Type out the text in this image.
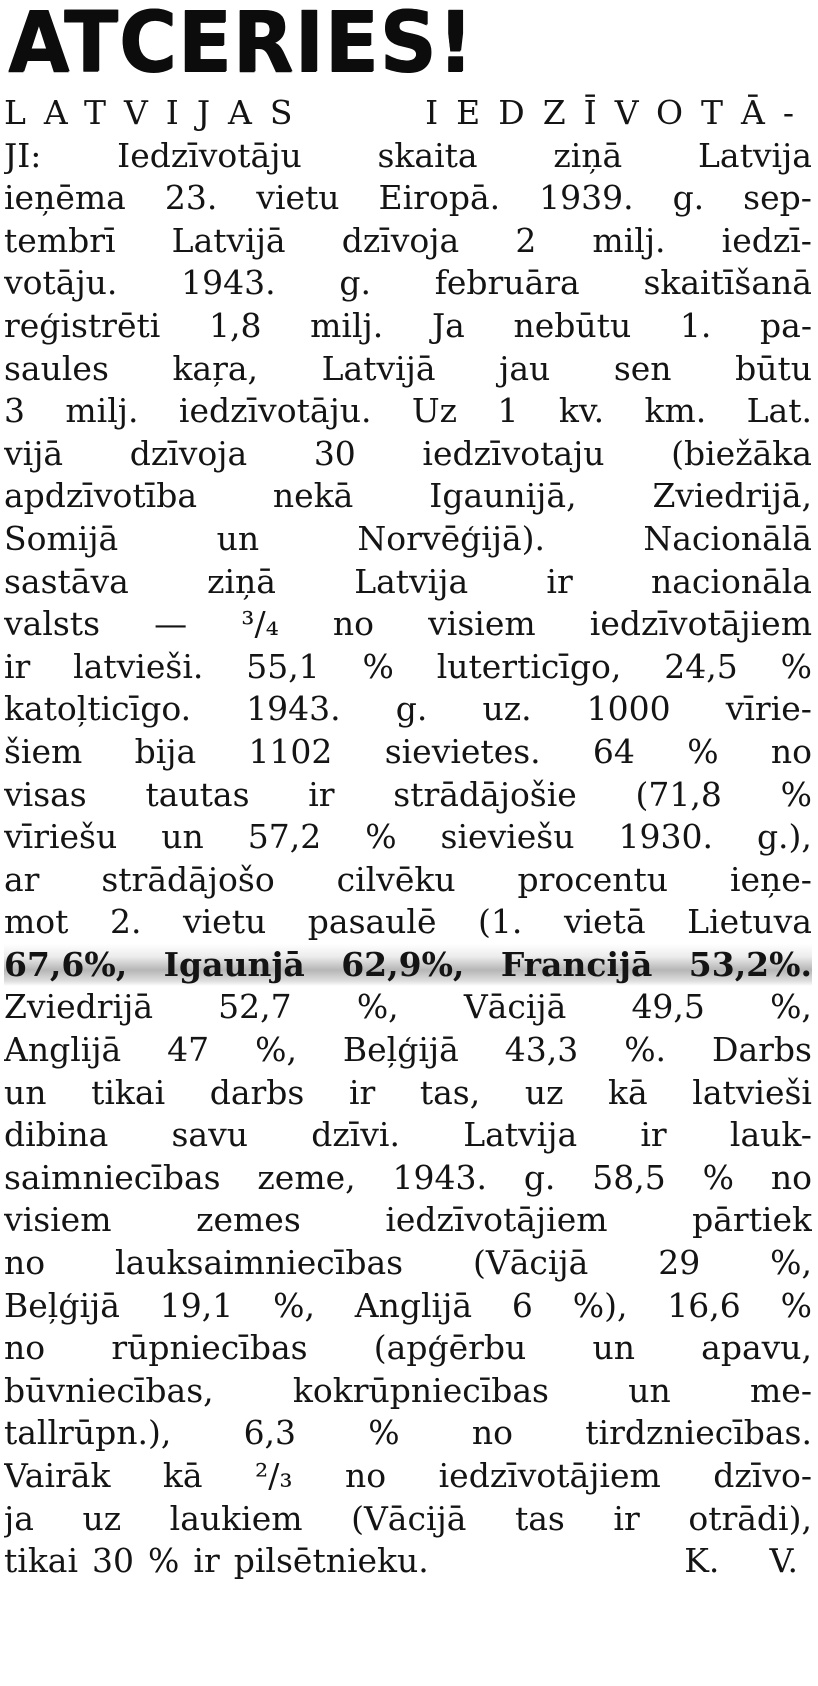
ATCERIES!
LATVIJAS	IEDZĪVOTĀ-
JI: Iedzīvotāju skaita ziņā Latvija
ieņēma 23. vietu Eiropā. 1939. g. sep-
tembrī Latvijā dzīvoja 2 milj. iedzī-
votāju. 1943. g. februāra skaitīšanā
reģistrēti 1,8 milj. Ja nebūtu 1. pa-
saules kaŗa, Latvijā jau sen būtu
3 milj. iedzīvotāju. Uz 1 kv. km. Lat.
vijā dzīvoja 30 iedzīvotaju (biežāka
apdzīvotība nekā Igaunijā, Zviedrijā,
Somijā	un	Norvēģijā).	Nacionālā
sastāva ziņā Latvija ir nacionāla
valsts — ³/₄ no visiem iedzīvotājiem
ir latvieši. 55,1 % luterticīgo, 24,5 %
katoļticīgo. 1943. g. uz. 1000 vīrie-
šiem bija 1102 sievietes. 64 % no
visas tautas ir strādājošie (71,8 %
vīriešu un 57,2 % sieviešu 1930. g.),
ar strādājošo cilvēku procentu ieņe-
mot 2. vietu pasaulē (1. vietā Lietuva
67,6%, Igaunjā 62,9%, Francijā 53,2%.
Zviedrijā 52,7 %, Vācijā 49,5 %,
Anglijā 47 %, Beļģijā 43,3 %. Darbs
un tikai darbs ir tas, uz kā latvieši
dibina savu dzīvi. Latvija ir lauk-
saimniecības zeme, 1943. g. 58,5 % no
visiem	zemes	iedzīvotājiem	pārtiek
no lauksaimniecības (Vācijā 29 %,
Beļģijā 19,1 %, Anglijā 6 %), 16,6 %
no rūpniecības (apģērbu un apavu,
būvniecības, kokrūpniecības un me-
tallrūpn.), 6,3 % no tirdzniecības.
Vairāk kā ²/₃ no iedzīvotājiem dzīvo-
ja uz laukiem (Vācijā tas ir otrādi),
tikai 30 % ir pilsētnieku.	K. V.
